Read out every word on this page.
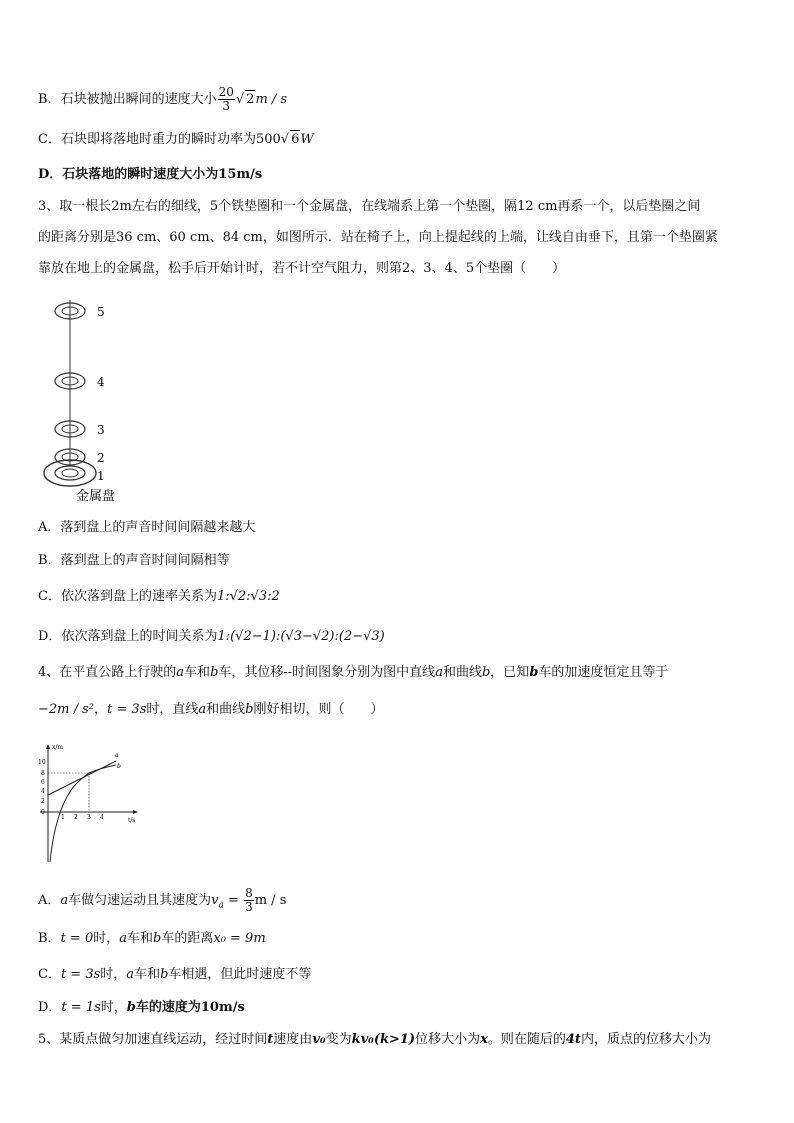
B．石块被抛出瞬间的速度大小 $\frac{20}{3}$ √ 2m / s
C．石块即将落地时重力的瞬时功率为500√ 6W
D．石块落地的瞬时速度大小为15m/s
3、取一根长2m左右的细线，5个铁垫圈和一个金属盘，在线端系上第一个垫圈，隔12 cm再系一个，以后垫圈之间
的距离分别是36 cm、60 cm、84 cm，如图所示．站在椅子上，向上提起线的上端，让线自由垂下，且第一个垫圈紧
靠放在地上的金属盘，松手后开始计时，若不计空气阻力，则第2、3、4、5个垫圈（　　）
5
4
3
2
1
金属盘
A．落到盘上的声音时间间隔越来越大
B．落到盘上的声音时间间隔相等
C．依次落到盘上的速率关系为1:√2:√3:2
D．依次落到盘上的时间关系为1:(√2−1):(√3−√2):(2−√3)
4、在平直公路上行驶的a车和b车，其位移--时间图象分别为图中直线a和曲线b，已知b车的加速度恒定且等于
−2m / s²，t = 3s时，直线a和曲线b刚好相切，则（　　）
x/m
t/s
10
8
6
4
2
0
1 2 3 4
a
b
A．a车做匀速运动且其速度为$v_a = \frac{8}{3}$ m / s
B．t = 0时，a车和b车的距离x₀ = 9m
C．t = 3s时，a车和b车相遇，但此时速度不等
D．t = 1s时，b车的速度为10m/s
5、某质点做匀加速直线运动，经过时间t速度由v₀变为kv₀(k>1)位移大小为x。则在随后的4t内，质点的位移大小为
